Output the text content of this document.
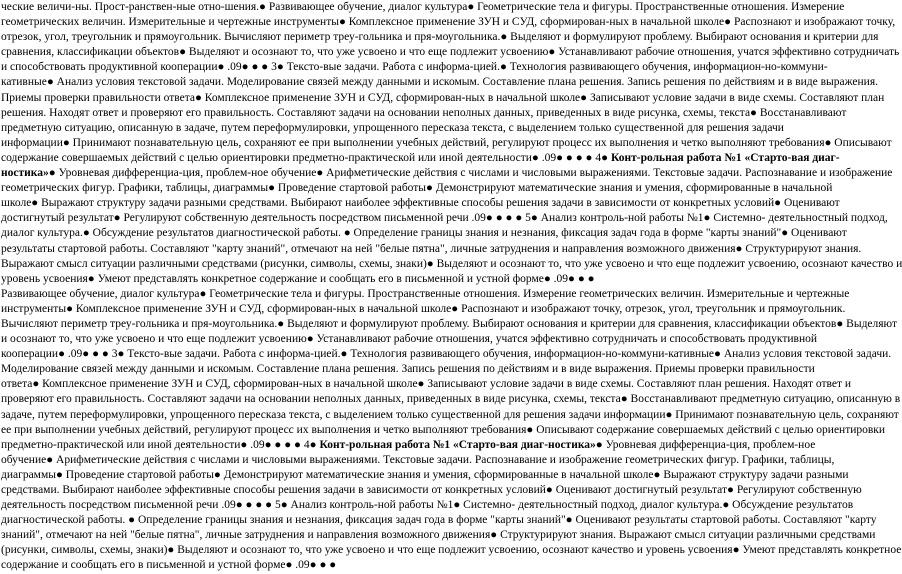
ческие величи-ны. Прост-ранствен-ные отно-шения.● Развивающее обучение, диалог культура● Геометрические тела и фигуры. Пространственные отношения. Измерение
геометрических величин. Измерительные и чертежные инструменты● Комплексное применение ЗУН и СУД, сформирован-ных в начальной школе● Распознают и изображают точку,
отрезок, угол, треугольник и прямоугольник. Вычисляют периметр треу-гольника и пря-моугольника.● Выделяют и формулируют проблему. Выбирают основания и критерии для
сравнения, классификации объектов● Выделяют и осознают то, что уже усвоено и что еще подлежит усвоению● Устанавливают рабочие отношения, учатся эффективно сотрудничать
и способствовать продуктивной кооперации● .09● ● ● 3● Тексто-вые задачи. Работа с информа-цией.● Технология развивающего обучения, информацион-но-коммуни-
кативные● Анализ условия текстовой задачи. Моделирование связей между данными и искомым. Составление плана решения. Запись решения по действиям и в виде выражения.
Приемы проверки правильности ответа● Комплексное применение ЗУН и СУД, сформирован-ных в начальной школе● Записывают условие задачи в виде схемы. Составляют план
решения. Находят ответ и проверяют его правильность. Составляют задачи на основании неполных данных, приведенных в виде рисунка, схемы, текста● Восстанавливают
предметную ситуацию, описанную в задаче, путем переформулировки, упрощенного пересказа текста, с выделением только существенной для решения задачи
информации● Принимают познавательную цель, сохраняют ее при выполнении учебных действий, регулируют процесс их выполнения и четко выполняют требования● Описывают
содержание совершаемых действий с целью ориентировки предметно-практической или иной деятельности● .09● ● ● ● 4● Конт-рольная работа №1 «Старто-вая диаг-
ностика»● Уровневая дифференциа-ция, проблем-ное обучение● Арифметические действия с числами и числовыми выражениями. Текстовые задачи. Распознавание и изображение
геометрических фигур. Графики, таблицы, диаграммы● Проведение стартовой работы● Демонстрируют математические знания и умения, сформированные в начальной
школе● Выражают структуру задачи разными средствами. Выбирают наиболее эффективные способы решения задачи в зависимости от конкретных условий● Оценивают
достигнутый результат● Регулируют собственную деятельность посредством письменной речи .09● ● ● ● 5● Анализ контроль-ной работы №1● Системно- деятельностный подход,
диалог культура.● Обсуждение результатов диагностической работы. ● Определение границы знания и незнания, фиксация задач года в форме "карты знаний"● Оценивают
результаты стартовой работы. Составляют "карту знаний", отмечают на ней "белые пятна", личные затруднения и направления возможного движения● Структурируют знания.
Выражают смысл ситуации различными средствами (рисунки, символы, схемы, знаки)● Выделяют и осознают то, что уже усвоено и что еще подлежит усвоению, осознают качество и
уровень усвоения● Умеют представлять конкретное содержание и сообщать его в письменной и устной форме● .09● ● ●
Развивающее обучение, диалог культура● Геометрические тела и фигуры. Пространственные отношения. Измерение геометрических величин. Измерительные и чертежные
инструменты● Комплексное применение ЗУН и СУД, сформирован-ных в начальной школе● Распознают и изображают точку, отрезок, угол, треугольник и прямоугольник.
Вычисляют периметр треу-гольника и пря-моугольника.● Выделяют и формулируют проблему. Выбирают основания и критерии для сравнения, классификации объектов● Выделяют
и осознают то, что уже усвоено и что еще подлежит усвоению● Устанавливают рабочие отношения, учатся эффективно сотрудничать и способствовать продуктивной
кооперации● .09● ● ● 3● Тексто-вые задачи. Работа с информа-цией.● Технология развивающего обучения, информацион-но-коммуни-кативные● Анализ условия текстовой задачи.
Моделирование связей между данными и искомым. Составление плана решения. Запись решения по действиям и в виде выражения. Приемы проверки правильности
ответа● Комплексное применение ЗУН и СУД, сформирован-ных в начальной школе● Записывают условие задачи в виде схемы. Составляют план решения. Находят ответ и
проверяют его правильность. Составляют задачи на основании неполных данных, приведенных в виде рисунка, схемы, текста● Восстанавливают предметную ситуацию, описанную в
задаче, путем переформулировки, упрощенного пересказа текста, с выделением только существенной для решения задачи информации● Принимают познавательную цель, сохраняют
ее при выполнении учебных действий, регулируют процесс их выполнения и четко выполняют требования● Описывают содержание совершаемых действий с целью ориентировки
предметно-практической или иной деятельности● .09● ● ● ● 4● Конт-рольная работа №1 «Старто-вая диаг-ностика»● Уровневая дифференциа-ция, проблем-ное
обучение● Арифметические действия с числами и числовыми выражениями. Текстовые задачи. Распознавание и изображение геометрических фигур. Графики, таблицы,
диаграммы● Проведение стартовой работы● Демонстрируют математические знания и умения, сформированные в начальной школе● Выражают структуру задачи разными
средствами. Выбирают наиболее эффективные способы решения задачи в зависимости от конкретных условий● Оценивают достигнутый результат● Регулируют собственную
деятельность посредством письменной речи .09● ● ● ● 5● Анализ контроль-ной работы №1● Системно- деятельностный подход, диалог культура.● Обсуждение результатов
диагностической работы. ● Определение границы знания и незнания, фиксация задач года в форме "карты знаний"● Оценивают результаты стартовой работы. Составляют "карту
знаний", отмечают на ней "белые пятна", личные затруднения и направления возможного движения● Структурируют знания. Выражают смысл ситуации различными средствами
(рисунки, символы, схемы, знаки)● Выделяют и осознают то, что уже усвоено и что еще подлежит усвоению, осознают качество и уровень усвоения● Умеют представлять конкретное
содержание и сообщать его в письменной и устной форме● .09● ● ●
